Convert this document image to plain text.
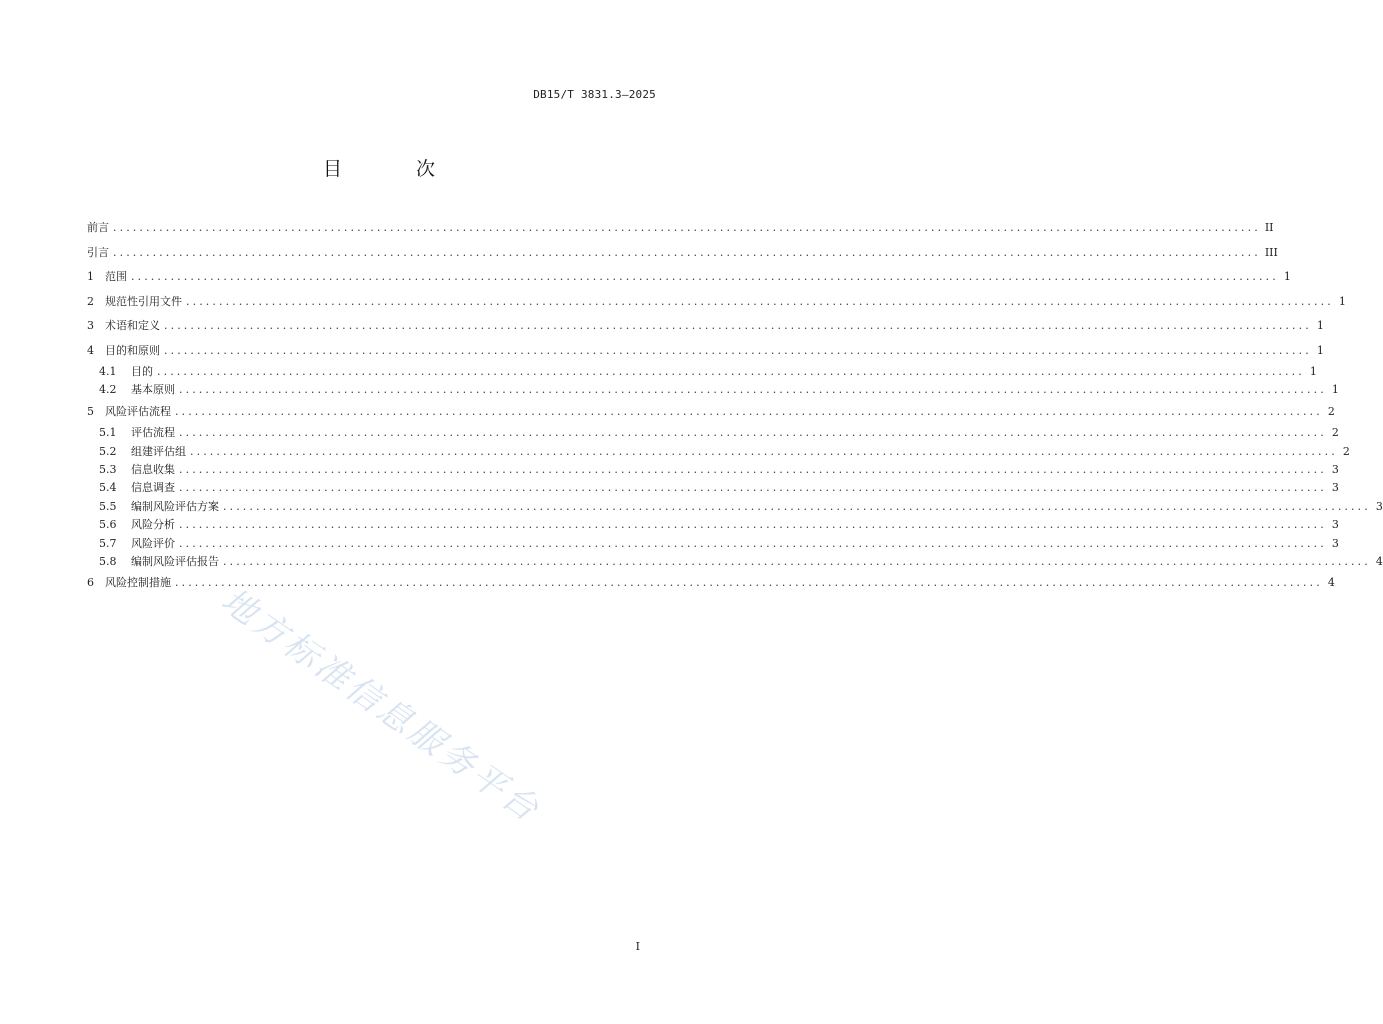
DB15/T 3831.3—2025
目 次
前言 .............................................................................................................................................................................. II
引言 .............................................................................................................................................................................. III
1	范围 .............................................................................................................................................................................. 1
2	规范性引用文件 .............................................................................................................................................................................. 1
3	术语和定义 .............................................................................................................................................................................. 1
4	目的和原则 .............................................................................................................................................................................. 1
4.1	目的 .............................................................................................................................................................................. 1
4.2	基本原则 .............................................................................................................................................................................. 1
5	风险评估流程 .............................................................................................................................................................................. 2
5.1	评估流程 .............................................................................................................................................................................. 2
5.2	组建评估组 .............................................................................................................................................................................. 2
5.3	信息收集 .............................................................................................................................................................................. 3
5.4	信息调查 .............................................................................................................................................................................. 3
5.5	编制风险评估方案 .............................................................................................................................................................................. 3
5.6	风险分析 .............................................................................................................................................................................. 3
5.7	风险评价 .............................................................................................................................................................................. 3
5.8	编制风险评估报告 .............................................................................................................................................................................. 4
6	风险控制措施 .............................................................................................................................................................................. 4
地方标准信息服务平台
I
